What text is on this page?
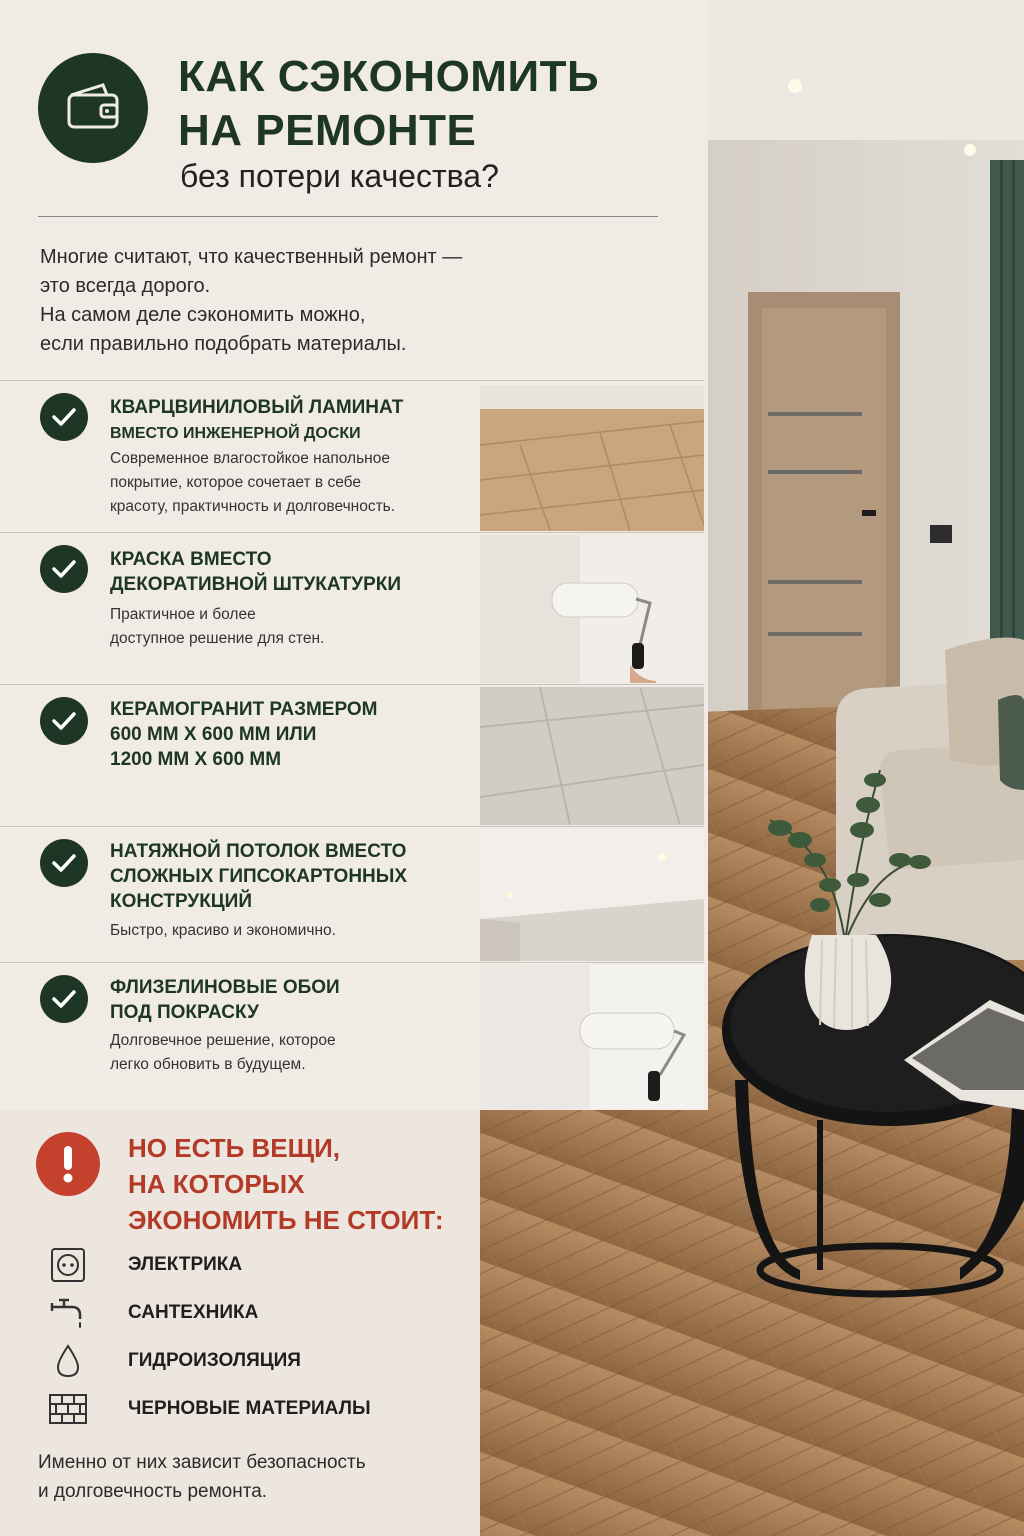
КАК СЭКОНОМИТЬ
НА РЕМОНТЕ
без потери качества?

Многие считают, что качественный ремонт —

это всегда дорого.

На самом деле сэкономить можно,

если правильно подобрать материалы.

КВАРЦВИНИЛОВЫЙ ЛАМИНАТ
ВМЕСТО ИНЖЕНЕРНОЙ ДОСКИ
Современное влагостойкое напольное
покрытие, которое сочетает в себе
красоту, практичность и долговечность.
КРАСКА ВМЕСТО
ДЕКОРАТИВНОЙ ШТУКАТУРКИ
Практичное и более
доступное решение для стен.
КЕРАМОГРАНИТ РАЗМЕРОМ
600 ММ Х 600 ММ ИЛИ
1200 ММ Х 600 ММ
НАТЯЖНОЙ ПОТОЛОК ВМЕСТО
СЛОЖНЫХ ГИПСОКАРТОННЫХ
КОНСТРУКЦИЙ
Быстро, красиво и экономично.
ФЛИЗЕЛИНОВЫЕ ОБОИ
ПОД ПОКРАСКУ
Долговечное решение, которое
легко обновить в будущем.
НО ЕСТЬ ВЕЩИ,
НА КОТОРЫХ
ЭКОНОМИТЬ НЕ СТОИТ:
ЭЛЕКТРИКА
САНТЕХНИКА
ГИДРОИЗОЛЯЦИЯ
ЧЕРНОВЫЕ МАТЕРИАЛЫ

Именно от них зависит безопасность

и долговечность ремонта.
